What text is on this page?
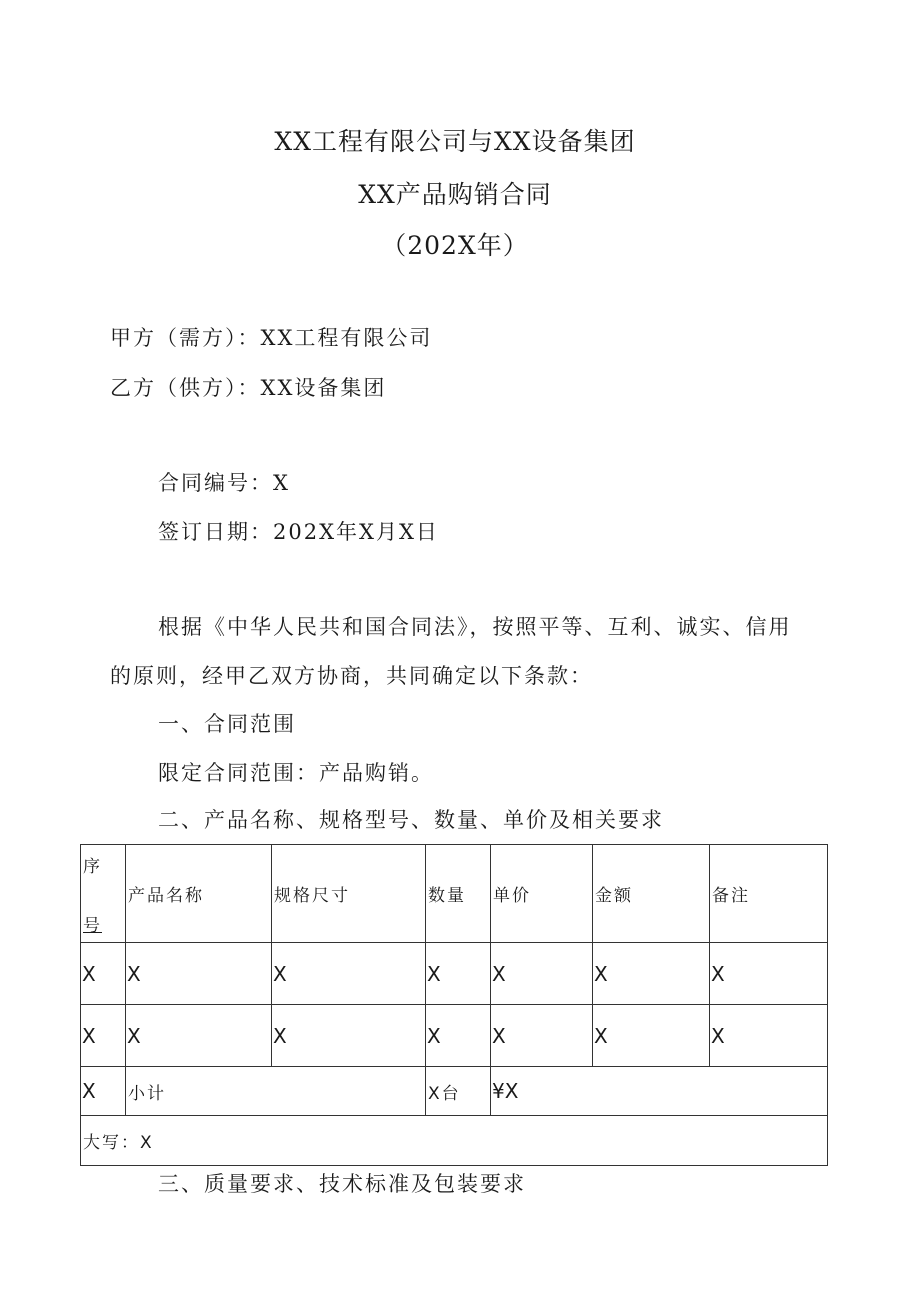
XX工程有限公司与XX设备集团
XX产品购销合同
（202X年）
甲方（需方）：XX工程有限公司
乙方（供方）：XX设备集团
合同编号：X
签订日期：202X年X月X日
根据《中华人民共和国合同法》，按照平等、互利、诚实、信用
的原则，经甲乙双方协商，共同确定以下条款：
一、合同范围
限定合同范围：产品购销。
二、产品名称、规格型号、数量、单价及相关要求
序
号	产品名称	规格尺寸	数量	单价	金额	备注
X	X	X	X	X	X	X
X	X	X	X	X	X	X
X	小计		X台	¥X		
大写：X						
三、质量要求、技术标准及包装要求
